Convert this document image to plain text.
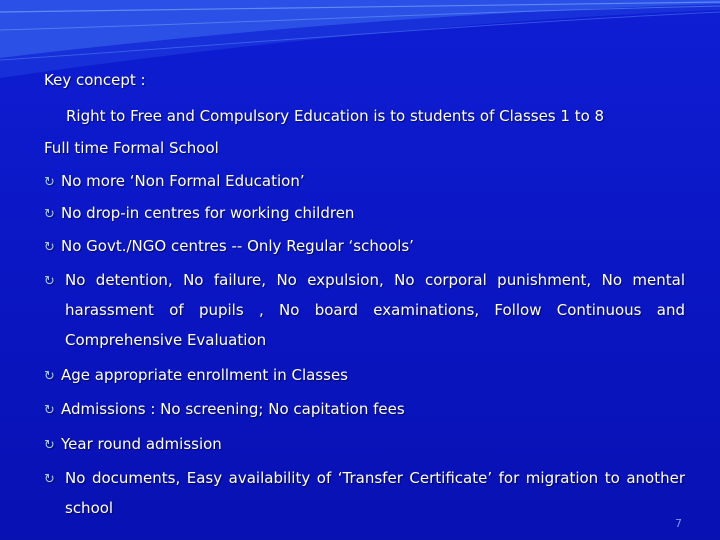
Key concept :
Right to Free and Compulsory Education is to students of Classes 1 to 8
Full time Formal School
↻ No more ‘Non Formal Education’
↻ No drop-in centres for working children
↻ No Govt./NGO centres -- Only Regular ‘schools’
↻ No detention, No failure, No expulsion, No corporal punishment, No mental
harassment of pupils , No board examinations, Follow Continuous and
Comprehensive Evaluation
↻ Age appropriate enrollment in Classes
↻ Admissions : No screening; No capitation fees
↻ Year round admission
↻ No documents, Easy availability of ‘Transfer Certificate’ for migration to another
school
7
